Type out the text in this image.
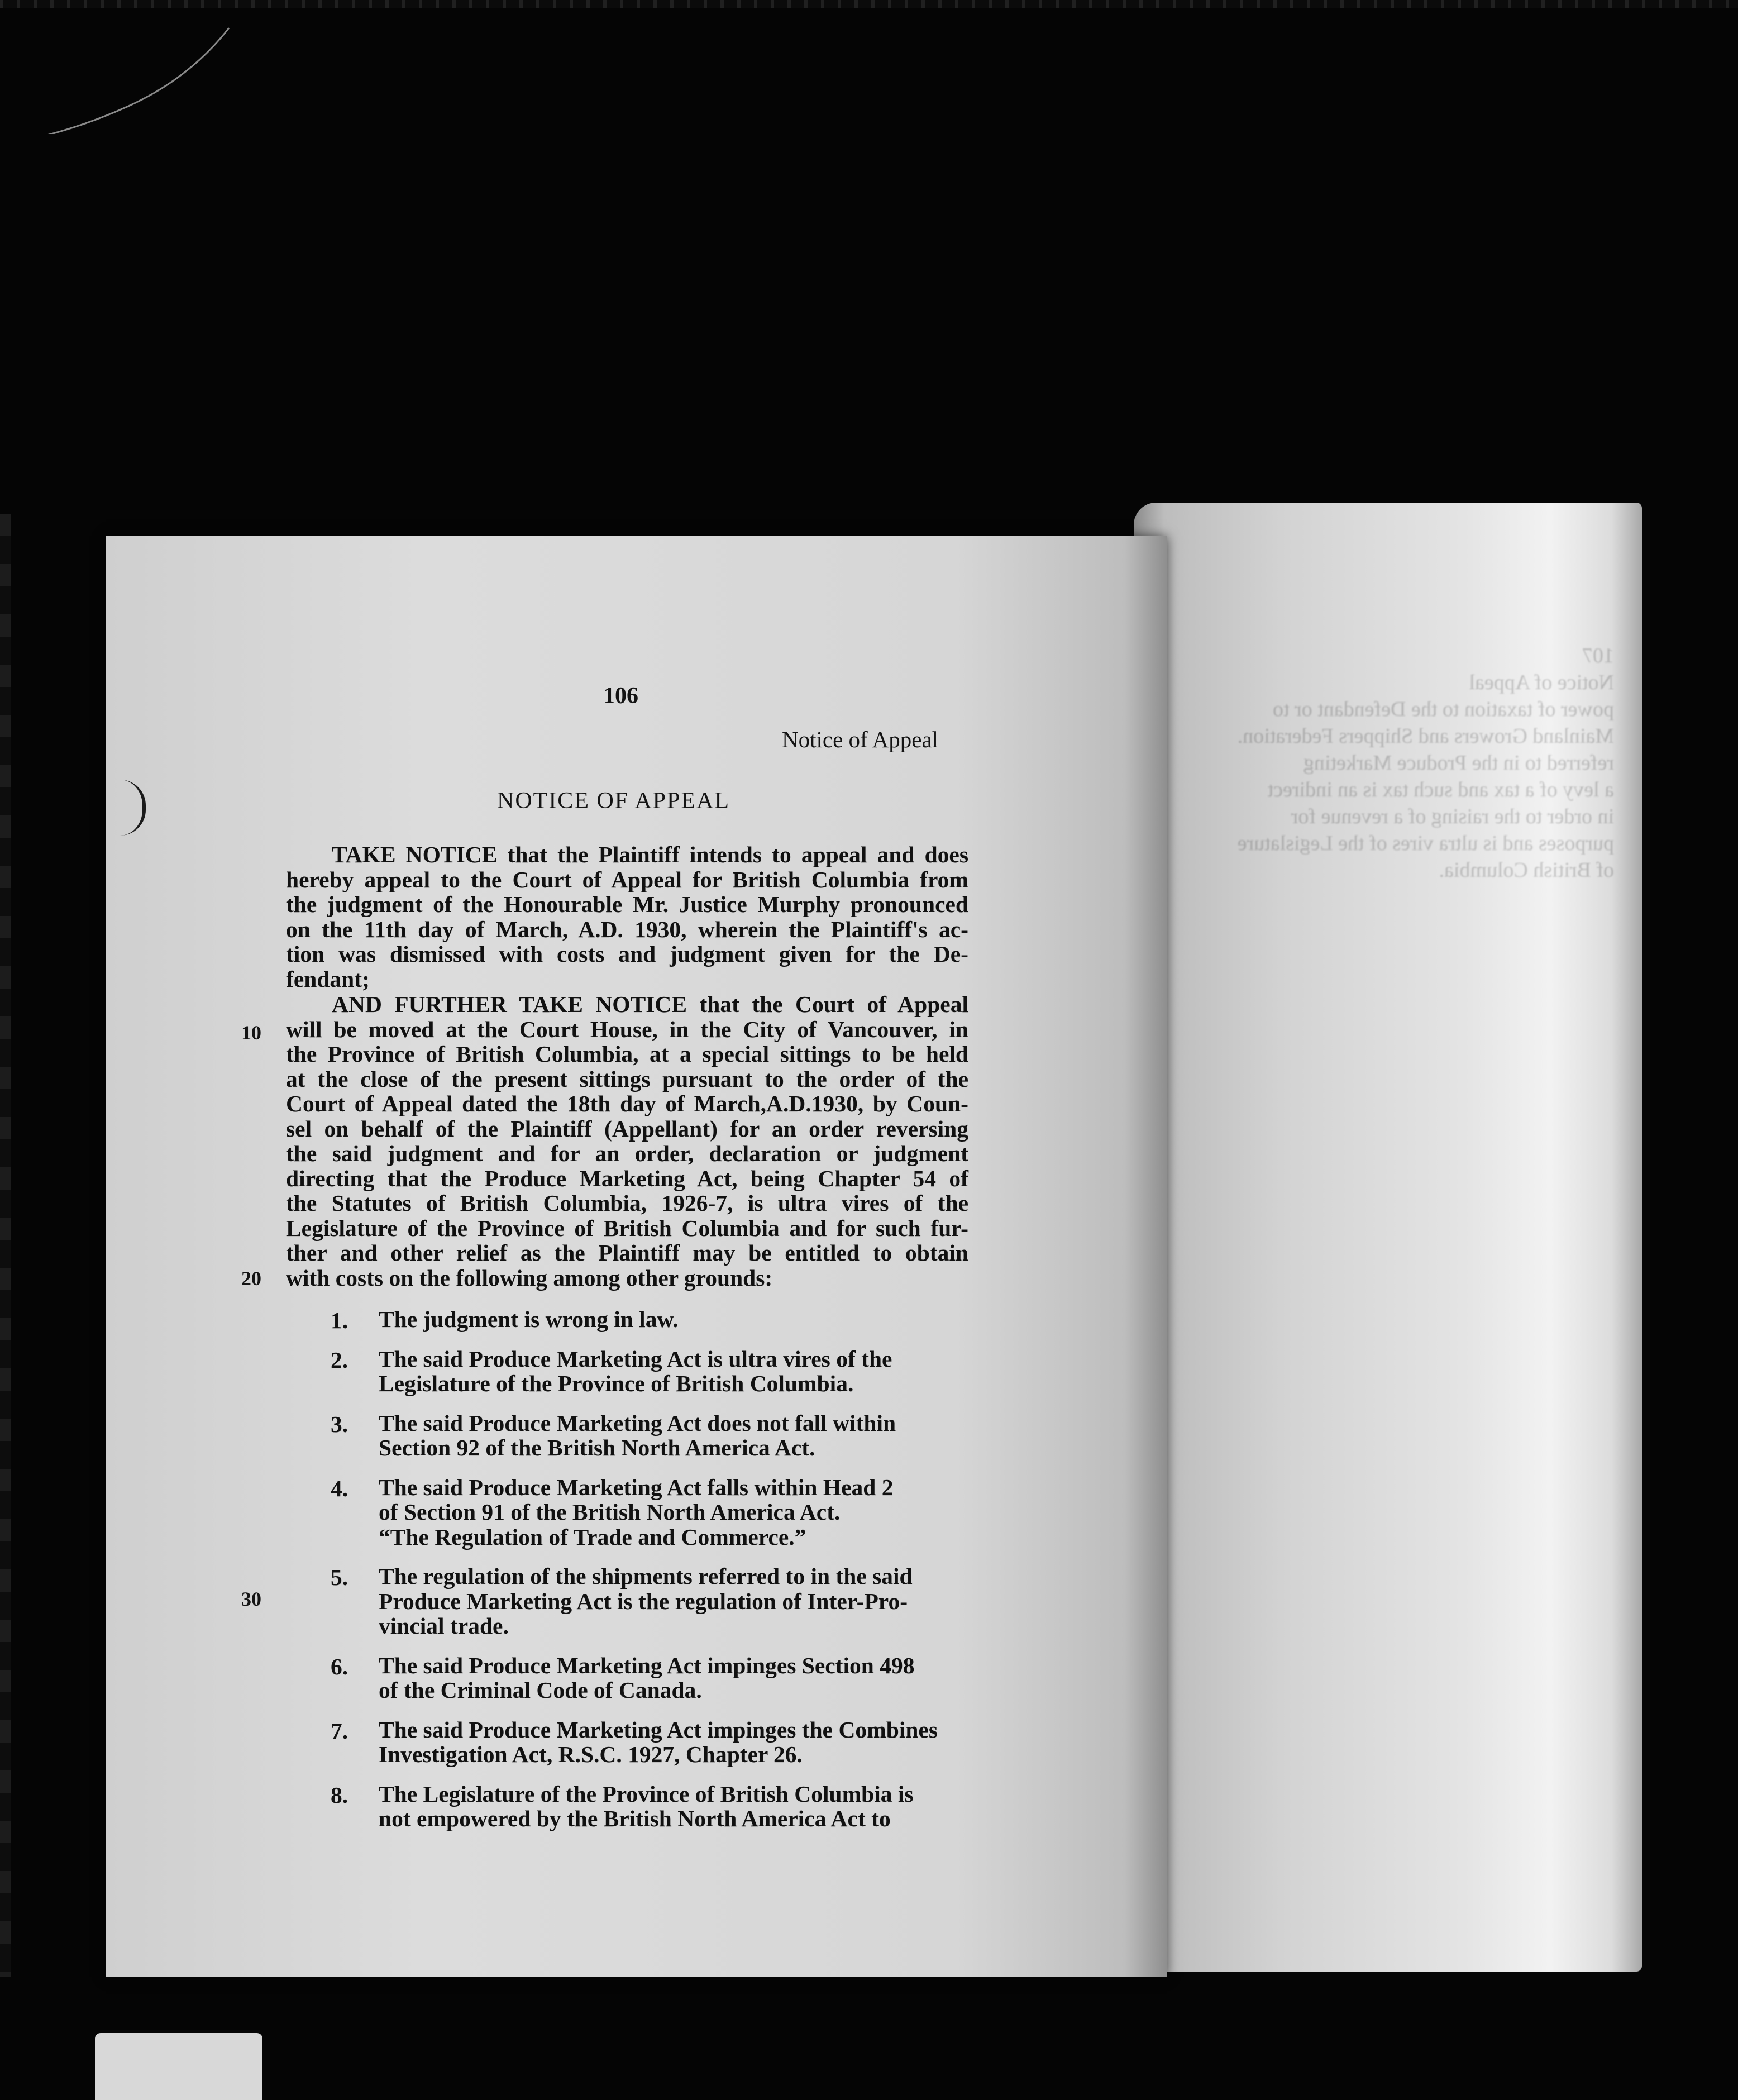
107
Notice of Appeal
power of taxation to the Defendant or to
Mainland Growers and Shippers Federation.
referred to in the Produce Marketing
a levy of a tax and such tax is an indirect
in order to the raising of a revenue for
purposes and is ultra vires of the Legislature
of British Columbia.
106
Notice of Appeal
NOTICE OF APPEAL
TAKE NOTICE that the Plaintiff intends to appeal and does
hereby appeal to the Court of Appeal for British Columbia from
the judgment of the Honourable Mr. Justice Murphy pronounced
on the 11th day of March, A.D. 1930, wherein the Plaintiff's ac-
tion was dismissed with costs and judgment given for the De-
fendant;
AND FURTHER TAKE NOTICE that the Court of Appeal
will be moved at the Court House, in the City of Vancouver, in
the Province of British Columbia, at a special sittings to be held
at the close of the present sittings pursuant to the order of the
Court of Appeal dated the 18th day of March,A.D.1930, by Coun-
sel on behalf of the Plaintiff (Appellant) for an order reversing
the said judgment and for an order, declaration or judgment
directing that the Produce Marketing Act, being Chapter 54 of
the Statutes of British Columbia, 1926-7, is ultra vires of the
Legislature of the Province of British Columbia and for such fur-
ther and other relief as the Plaintiff may be entitled to obtain
with costs on the following among other grounds:
10
20
30
1. The judgment is wrong in law.
2. The said Produce Marketing Act is ultra vires of the
Legislature of the Province of British Columbia.
3. The said Produce Marketing Act does not fall within
Section 92 of the British North America Act.
4. The said Produce Marketing Act falls within Head 2
of Section 91 of the British North America Act.
“The Regulation of Trade and Commerce.”
5. The regulation of the shipments referred to in the said
Produce Marketing Act is the regulation of Inter-Pro-
vincial trade.
6. The said Produce Marketing Act impinges Section 498
of the Criminal Code of Canada.
7. The said Produce Marketing Act impinges the Combines
Investigation Act, R.S.C. 1927, Chapter 26.
8. The Legislature of the Province of British Columbia is
not empowered by the British North America Act to
